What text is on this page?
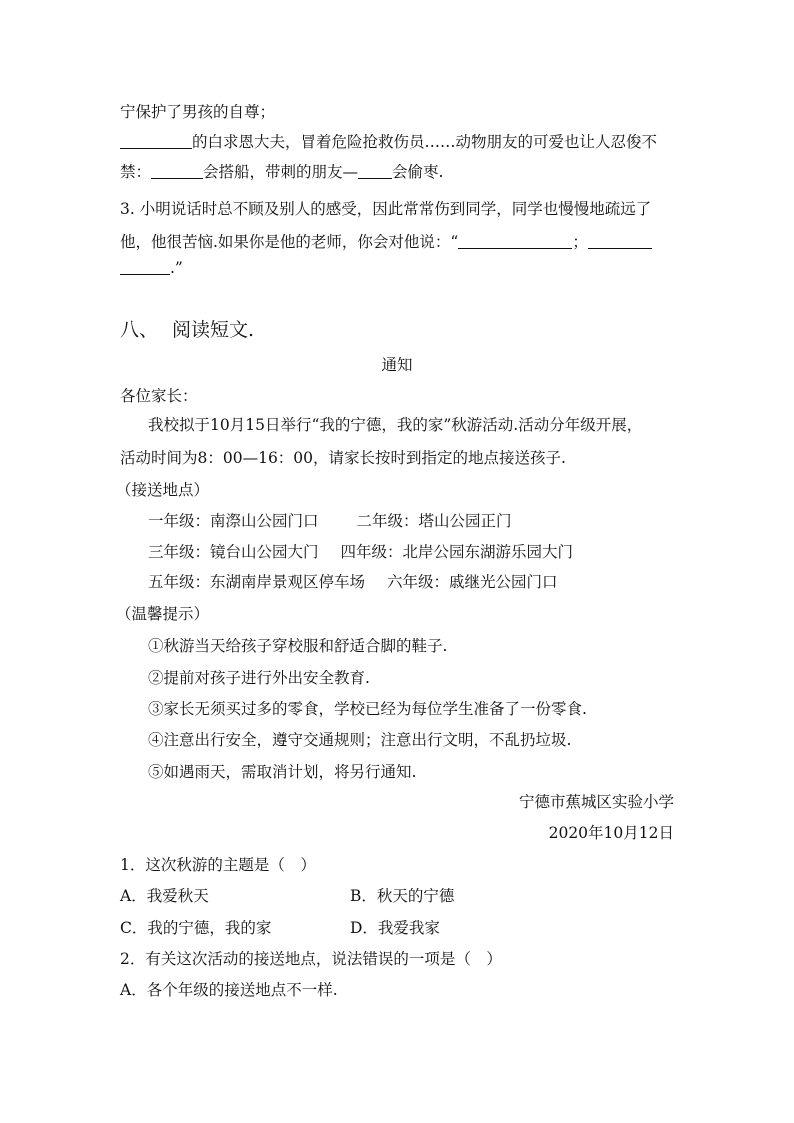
宁保护了男孩的自尊；
的白求恩大夫，冒着危险抢救伤员……动物朋友的可爱也让人忍俊不
禁：	会搭船，带刺的朋友— 会偷枣.
3. 小明说话时总不顾及别人的感受，因此常常伤到同学，同学也慢慢地疏远了
他，他很苦恼.如果你是他的老师，你会对他说：“	；
.”
八、 阅读短文.
通知
各位家长：
我校拟于10月15日举行“我的宁德，我的家”秋游活动.活动分年级开展，
活动时间为8：00—16：00，请家长按时到指定的地点接送孩子.
（接送地点）
一年级：南漈山公园门口 二年级：塔山公园正门
三年级：镜台山公园大门 四年级：北岸公园东湖游乐园大门
五年级：东湖南岸景观区停车场 六年级：戚继光公园门口
（温馨提示）
①秋游当天给孩子穿校服和舒适合脚的鞋子.
②提前对孩子进行外出安全教育.
③家长无须买过多的零食，学校已经为每位学生准备了一份零食.
④注意出行安全，遵守交通规则；注意出行文明，不乱扔垃圾.
⑤如遇雨天，需取消计划，将另行通知.
宁德市蕉城区实验小学
2020年10月12日
1．这次秋游的主题是（　）
A．我爱秋天	B．秋天的宁德
C．我的宁德，我的家	D．我爱我家
2．有关这次活动的接送地点，说法错误的一项是（　）
A．各个年级的接送地点不一样.
